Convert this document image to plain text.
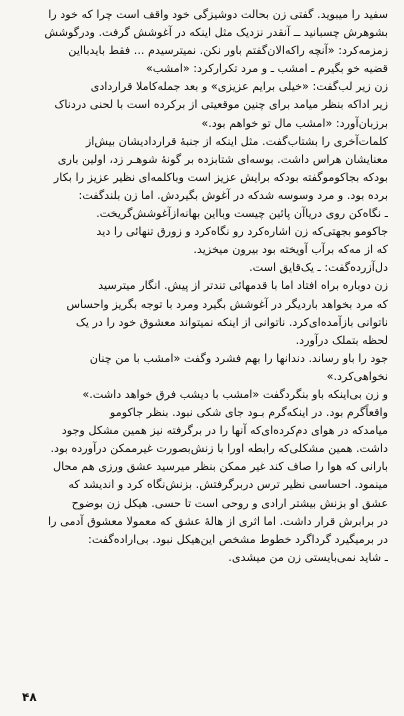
سفید را میبوید. گفتی زن بحالت دوشیزگی خود واقف است چرا که خود را
بشوهرش چسبانید ــ آنقدر نزدیک مثل اینکه در آغوشش گرفت. ودرگوشش
زمزمه‌کرد: «آنچه راکه‌الان‌گفتم باور نکن. نمیترسیدم ... فقط بایدبااین
قضیه خو بگیرم ـ امشب ـ و مرد تکرارکرد: «امشب»
زن زیر لب‌گفت: «خیلی برایم عزیزی» و بعد جمله‌کاملا قراردادی
زیر اداکه بنظر میامد برای چنین موقعیتی از برکرده است با لحنی دردناک
برزبان‌آورد: «امشب مال تو خواهم بود.»
کلمات‌آخری را بشتاب‌گفت. مثل اینکه از جنبهٔ قراردادیشان بیش‌از
معنایشان هراس داشت. بوسه‌ای شتابزده بر گونهٔ شوهـر زد، اولین باری
بودکه بجاکوموگفته بودکه برایش عزیز است وباکلمه‌ای نظیر عزیز را بکار
برده بود. و مرد وسوسه شدکه در آغوش بگیردش. اما زن بلندگفت:
ـ نگاه‌کن روی دریا‌آن پائین چیست وبااین بهانه‌از‌آغوشش‌گریخت.
جاکومو بجهتی‌که زن اشاره‌کرد رو نگاه‌کرد و زورق تنهائی را دید
که از مه‌که بر‌آب آویخته بود بیرون میخزید.
دل‌آزرده‌گفت: ـ یک‌قایق است.
زن دوباره براه افتاد اما با قدمهائی تندتر از پیش. انگار میترسید
که مرد بخواهد باردیگر در آغوشش بگیرد ومرد با توجه بگریز واحساس
ناتوانی بازآمده‌ای‌کرد. ناتوانی از اینکه نمیتواند معشوق خود را در یک
لحظه بتملک درآورد.
جود را باو رساند. دندانها را بهم فشرد وگفت «امشب با من چنان
نخواهی‌کرد.»
و زن بی‌اینکه باو بنگردگفت «امشب با دیشب فرق خواهد داشت.»
واقعاً‌گرم بود. در اینکه‌گرم بـود جای شکی نبود. بنظر جاکومو
میامدکه در هوای دم‌کرده‌ای‌که آنها را در برگرفته نیز همین مشکل وجود
داشت. همین مشکلی‌که رابطه اورا با زنش‌بصورت غیرممکن در‌آورده بود.
بارانی که هوا را صاف کند غیر ممکن بنظر میرسید عشق ورزی هم محال
مینمود. احساسی نظیر ترس در‌برگرفتش. بزنش‌نگاه کرد و اندیشد که
عشق او بزنش بیشتر ارادی و روحی است تا حسی. هیکل زن بوضوح
در برابرش قرار داشت. اما اثری از هالهٔ عشق که معمولا معشوق آدمی را
در برمیگیرد گرداگرد خطوط مشخص این‌هیکل نبود. بی‌اراده‌گفت:
ـ شاید نمی‌بایستی زن من میشدی.
۴۸
